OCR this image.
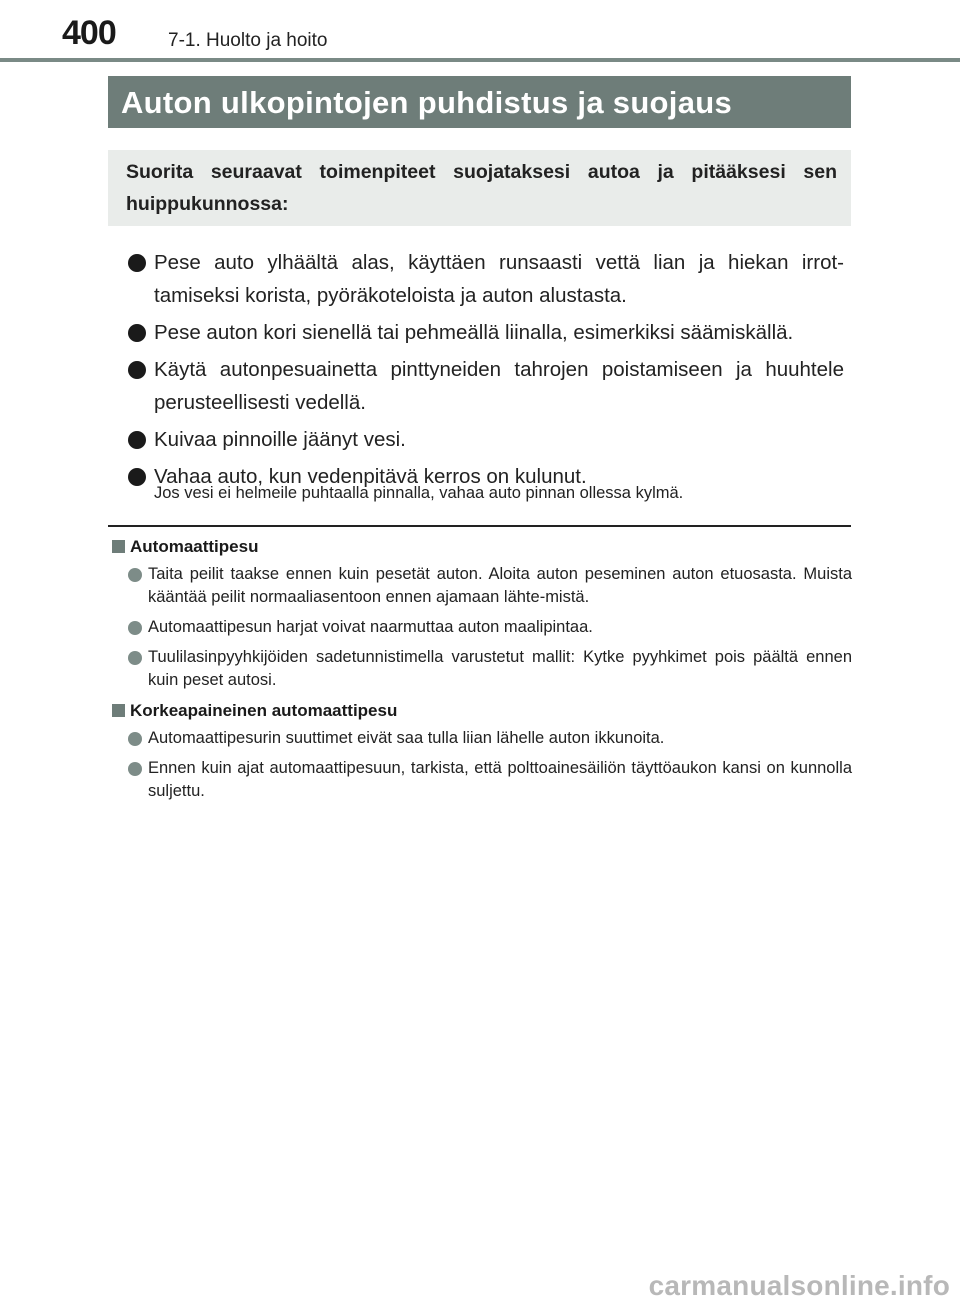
400	7-1. Huolto ja hoito
Auton ulkopintojen puhdistus ja suojaus
Suorita seuraavat toimenpiteet suojataksesi autoa ja pitääksesi sen huippukunnossa:
Pese auto ylhäältä alas, käyttäen runsaasti vettä lian ja hiekan irrot-tamiseksi korista, pyöräkoteloista ja auton alustasta.
Pese auton kori sienellä tai pehmeällä liinalla, esimerkiksi säämiskällä.
Käytä autonpesuainetta pinttyneiden tahrojen poistamiseen ja huuhtele perusteellisesti vedellä.
Kuivaa pinnoille jäänyt vesi.
Vahaa auto, kun vedenpitävä kerros on kulunut.
Jos vesi ei helmeile puhtaalla pinnalla, vahaa auto pinnan ollessa kylmä.
Automaattipesu
Taita peilit taakse ennen kuin pesetät auton. Aloita auton peseminen auton etuosasta. Muista kääntää peilit normaaliasentoon ennen ajamaan lähte-mistä.
Automaattipesun harjat voivat naarmuttaa auton maalipintaa.
Tuulilasinpyyhkijöiden sadetunnistimella varustetut mallit: Kytke pyyhkimet pois päältä ennen kuin peset autosi.
Korkeapaineinen automaattipesu
Automaattipesurin suuttimet eivät saa tulla liian lähelle auton ikkunoita.
Ennen kuin ajat automaattipesuun, tarkista, että polttoainesäiliön täyttöaukon kansi on kunnolla suljettu.
carmanualsonline.info
